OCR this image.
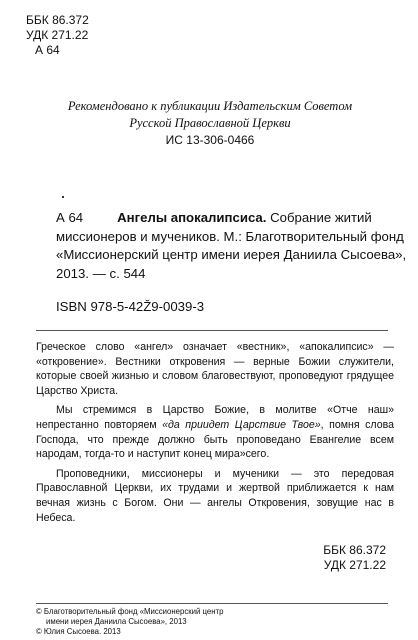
ББК 86.372
УДК 271.22
А 64
Рекомендовано к публикации Издательским Советом
Русской Православной Церкви
ИС 13-306-0466
А 64	Ангелы апокалипсиса. Собрание житий
миссионеров и мучеников. М.: Благотворительный фонд
«Миссионерский центр имени иерея Даниила Сысоева»,
2013. — с. 544
ISBN 978-5-42Ž9-0039-3

Греческое слово «ангел» означает «вестник», «апокалипсис» — «откровение». Вестники откровения — верные Божии служители, которые своей жизнью и словом благовествуют, проповедуют грядущее Царство Христа.

Мы стремимся в Царство Божие, в молитве «Отче наш» непрестанно повторяем «да приидет Царствие Твое», помня слова Господа, что прежде должно быть проповедано Евангелие всем народам, тогда-то и наступит конец мира»сего.

Проповедники, миссионеры и мученики — это передовая Православной Церкви, их трудами и жертвой приближается к нам вечная жизнь с Богом. Они — ангелы Откровения, зовущие нас в Небеса.

ББК 86.372
УДК 271.22
© Благотворительный фонд «Миссионерский центр
имени иерея Даниила Сысоева», 2013
© Юлия Сысоева. 2013
